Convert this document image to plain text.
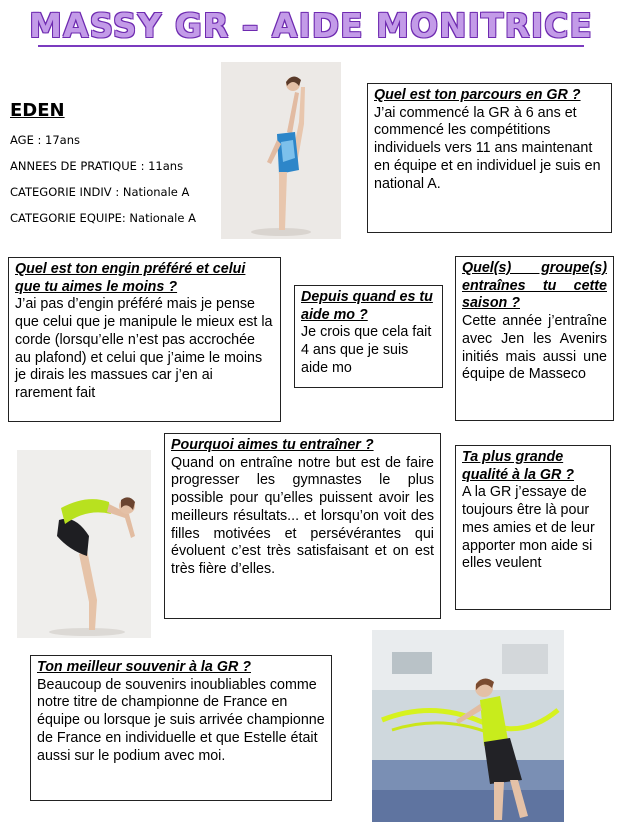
MASSY GR – AIDE MONITRICE

EDEN

AGE : 17ans

ANNEES DE PRATIQUE : 11ans

CATEGORIE INDIV : Nationale A

CATEGORIE EQUIPE: Nationale A

Quel est ton parcours en GR ?

J’ai commencé la GR à 6 ans et commencé les compétitions individuels vers 11 ans maintenant en équipe et en individuel je suis en national A.

Quel est ton engin préféré et celui que tu aimes le moins ?

J’ai pas d’engin préféré mais je pense que celui que je manipule le mieux est la corde (lorsqu’elle n’est pas accrochée au plafond) et celui que j’aime le moins je dirais les massues car j’en ai rarement fait

Depuis quand es tu aide mo ?

Je crois que cela fait 4 ans que je suis aide mo

Quel(s) groupe(s) entraînes tu cette saison ?

Cette année j’entraîne avec Jen les Avenirs initiés mais aussi une équipe de Masseco

Pourquoi aimes tu entraîner ?

Quand on entraîne notre but est de faire progresser les gymnastes le plus possible pour qu’elles puissent avoir les meilleurs résultats... et lorsqu’on voit des filles motivées et persévérantes qui évoluent c’est très satisfaisant et on est très fière d’elles.

Ta plus grande qualité à la GR ?

A la GR j’essaye de toujours être là pour mes amies et de leur apporter mon aide si elles veulent

Ton meilleur souvenir à la GR ?

Beaucoup de souvenirs inoubliables comme notre titre de championne de France en équipe ou lorsque je suis arrivée championne de France en individuelle et que Estelle était aussi sur le podium avec moi.
